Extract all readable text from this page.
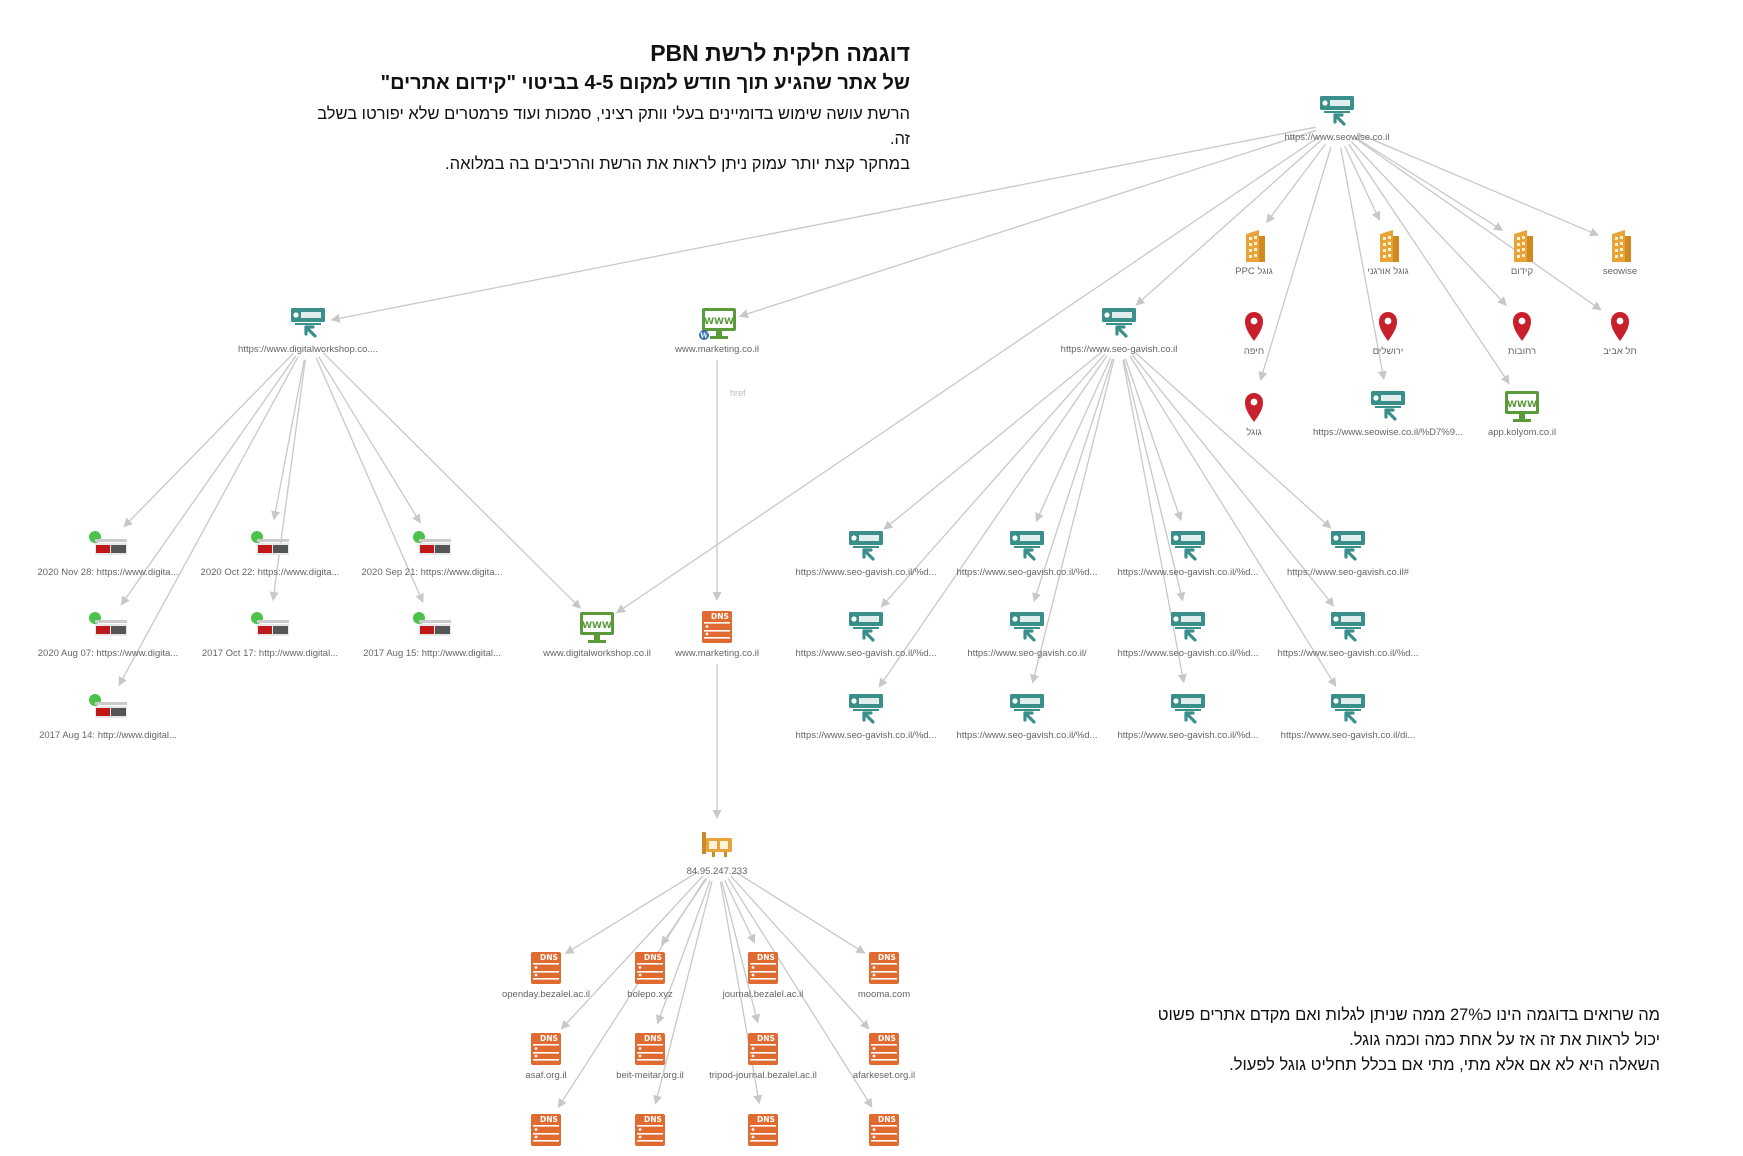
דוגמה חלקית לרשת PBN
של אתר שהגיע תוך חודש למקום 4-5 בביטוי "קידום אתרים"
הרשת עושה שימוש בדומיינים בעלי וותק רציני, סמכות ועוד פרמטרים שלא יפורטו בשלב
זה.
במחקר קצת יותר עמוק ניתן לראות את הרשת והרכיבים בה במלואה.
מה שרואים בדוגמה הינו כ27% ממה שניתן לגלות ואם מקדם אתרים פשוט
יכול לראות את זה אז על אחת כמה וכמה גוגל.
השאלה היא לא אם אלא מתי, מתי אם בכלל תחליט גוגל לפעול.
href
https://www.seowise.co.il
גוגל PPC	גוגל אורגני	קידום	seowise
חיפה	ירושלים	רחובות	תל אביב
גוגל	https://www.seowise.co.il/%D7%9...
WWW
app.kolyom.co.il
https://www.digitalworkshop.co....
WWW
W
www.marketing.co.il	https://www.seo-gavish.co.il
2020 Nov 28: https://www.digita...	2020 Oct 22: https://www.digita...	2020 Sep 21: https://www.digita...
2020 Aug 07: https://www.digita...	2017 Oct 17: http://www.digital...	2017 Aug 15: http://www.digital...
2017 Aug 14: http://www.digital...
WWW
www.digitalworkshop.co.il
DNS
www.marketing.co.il
https://www.seo-gavish.co.il/%d...	https://www.seo-gavish.co.il/%d...	https://www.seo-gavish.co.il/%d...	https://www.seo-gavish.co.il#
https://www.seo-gavish.co.il/%d...	https://www.seo-gavish.co.il/	https://www.seo-gavish.co.il/%d...	https://www.seo-gavish.co.il/%d...
https://www.seo-gavish.co.il/%d...	https://www.seo-gavish.co.il/%d...	https://www.seo-gavish.co.il/%d...	https://www.seo-gavish.co.il/di...
84.95.247.233
DNS
openday.bezalel.ac.il
DNS
bolepo.xyz
DNS
journal.bezalel.ac.il
DNS
mooma.com
DNS
asaf.org.il
DNS
beit-meitar.org.il
DNS
tripod-journal.bezalel.ac.il
DNS
afarkeset.org.il
DNS	DNS	DNS	DNS
